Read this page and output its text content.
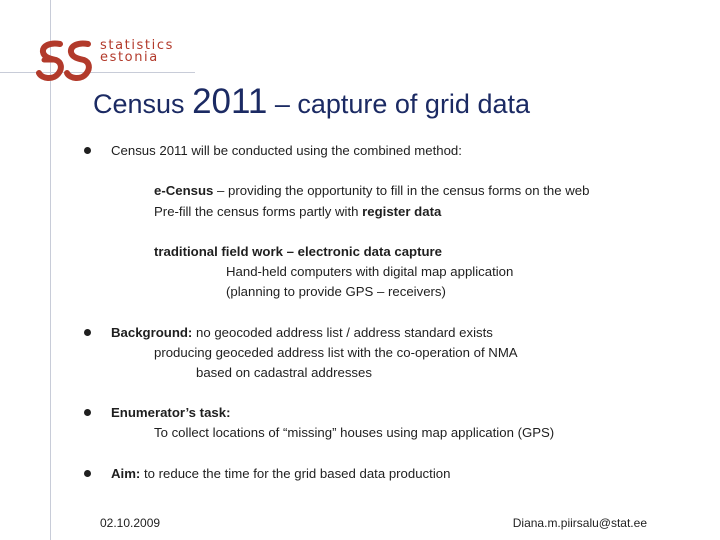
statistics
estonia
Census 2011 – capture of grid data
Census 2011 will be conducted using the combined method:
e-Census – providing the opportunity to fill in the census forms on the web
Pre-fill the census forms partly with register data
traditional field work – electronic data capture
Hand-held computers with digital map application
(planning to provide GPS – receivers)
Background: no geocoded address list / address standard exists
producing geoceded address list with the co-operation of NMA
based on cadastral addresses
Enumerator’s task:
To collect locations of “missing” houses using map application (GPS)
Aim: to reduce the time for the grid based data production
02.10.2009	Diana.m.piirsalu@stat.ee
